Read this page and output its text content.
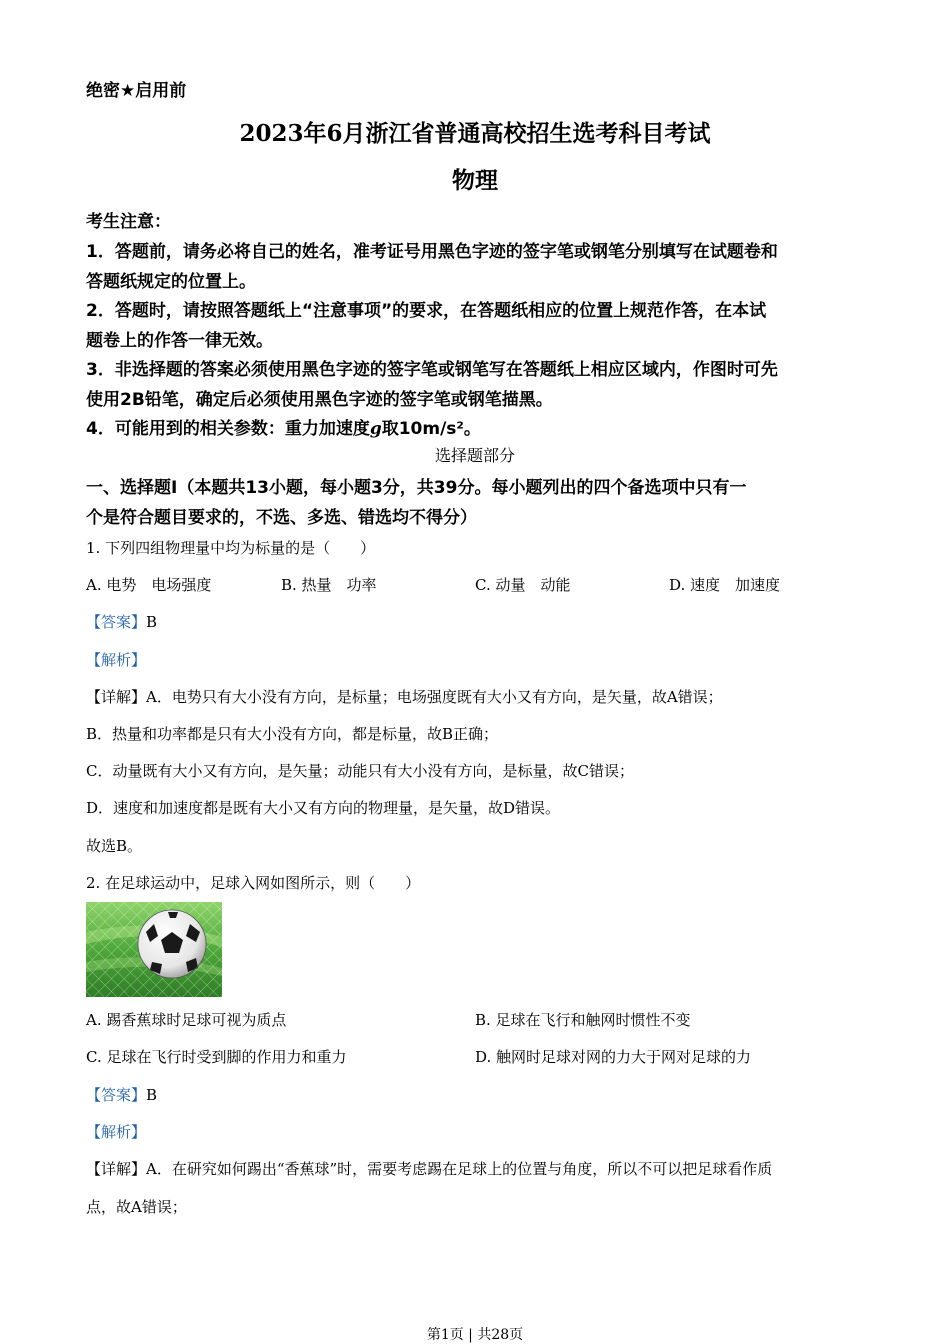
绝密★启用前
2023年6月浙江省普通高校招生选考科目考试
物理
考生注意：
1．答题前，请务必将自己的姓名，准考证号用黑色字迹的签字笔或钢笔分别填写在试题卷和
答题纸规定的位置上。
2．答题时，请按照答题纸上“注意事项”的要求，在答题纸相应的位置上规范作答，在本试
题卷上的作答一律无效。
3．非选择题的答案必须使用黑色字迹的签字笔或钢笔写在答题纸上相应区域内，作图时可先
使用2B铅笔，确定后必须使用黑色字迹的签字笔或钢笔描黑。
4．可能用到的相关参数：重力加速度g取10m/s²。
选择题部分
一、选择题Ⅰ（本题共13小题，每小题3分，共39分。每小题列出的四个备选项中只有一
个是符合题目要求的，不选、多选、错选均不得分）
1. 下列四组物理量中均为标量的是（　　）
A. 电势　电场强度	B. 热量　功率	C. 动量　动能	D. 速度　加速度
【答案】B
【解析】
【详解】A．电势只有大小没有方向，是标量；电场强度既有大小又有方向，是矢量，故A错误；
B．热量和功率都是只有大小没有方向，都是标量，故B正确；
C．动量既有大小又有方向，是矢量；动能只有大小没有方向，是标量，故C错误；
D．速度和加速度都是既有大小又有方向的物理量，是矢量，故D错误。
故选B。
2. 在足球运动中，足球入网如图所示，则（　　）
A. 踢香蕉球时足球可视为质点	B. 足球在飞行和触网时惯性不变
C. 足球在飞行时受到脚的作用力和重力	D. 触网时足球对网的力大于网对足球的力
【答案】B
【解析】
【详解】A．在研究如何踢出“香蕉球”时，需要考虑踢在足球上的位置与角度，所以不可以把足球看作质
点，故A错误；
第1页 | 共28页
